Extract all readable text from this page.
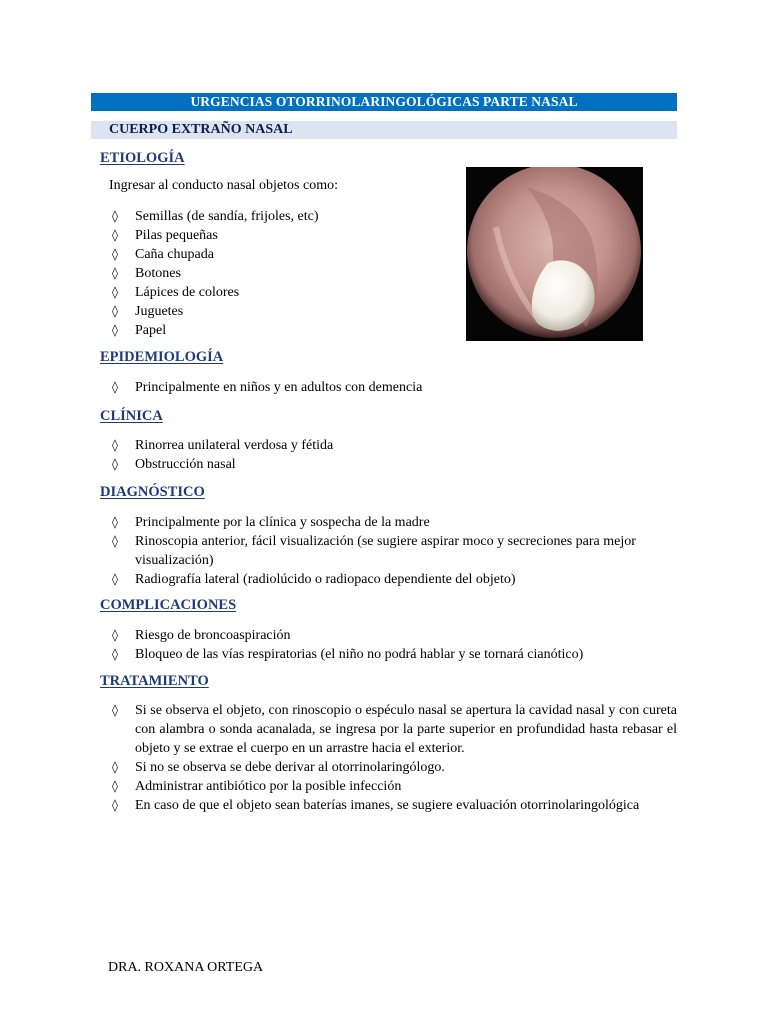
URGENCIAS OTORRINOLARINGOLÓGICAS PARTE NASAL
CUERPO EXTRAÑO NASAL
ETIOLOGÍA
Ingresar al conducto nasal objetos como:
◊ Semillas (de sandía, frijoles, etc)
◊ Pilas pequeñas
◊ Caña chupada
◊ Botones
◊ Lápices de colores
◊ Juguetes
◊ Papel
EPIDEMIOLOGÍA
◊ Principalmente en niños y en adultos con demencia
CLÍNICA
◊ Rinorrea unilateral verdosa y fétida
◊ Obstrucción nasal
DIAGNÓSTICO
◊ Principalmente por la clínica y sospecha de la madre
◊ Rinoscopia anterior, fácil visualización (se sugiere aspirar moco y secreciones para mejor visualización)
◊ Radiografía lateral (radiolúcido o radiopaco dependiente del objeto)
COMPLICACIONES
◊ Riesgo de broncoaspiración
◊ Bloqueo de las vías respiratorias (el niño no podrá hablar y se tornará cianótico)
TRATAMIENTO
◊ Si se observa el objeto, con rinoscopio o espéculo nasal se apertura la cavidad nasal y con cureta con alambra o sonda acanalada, se ingresa por la parte superior en profundidad hasta rebasar el objeto y se extrae el cuerpo en un arrastre hacia el exterior.
◊ Si no se observa se debe derivar al otorrinolaringólogo.
◊ Administrar antibiótico por la posible infección
◊ En caso de que el objeto sean baterías imanes, se sugiere evaluación otorrinolaringológica
DRA. ROXANA ORTEGA
